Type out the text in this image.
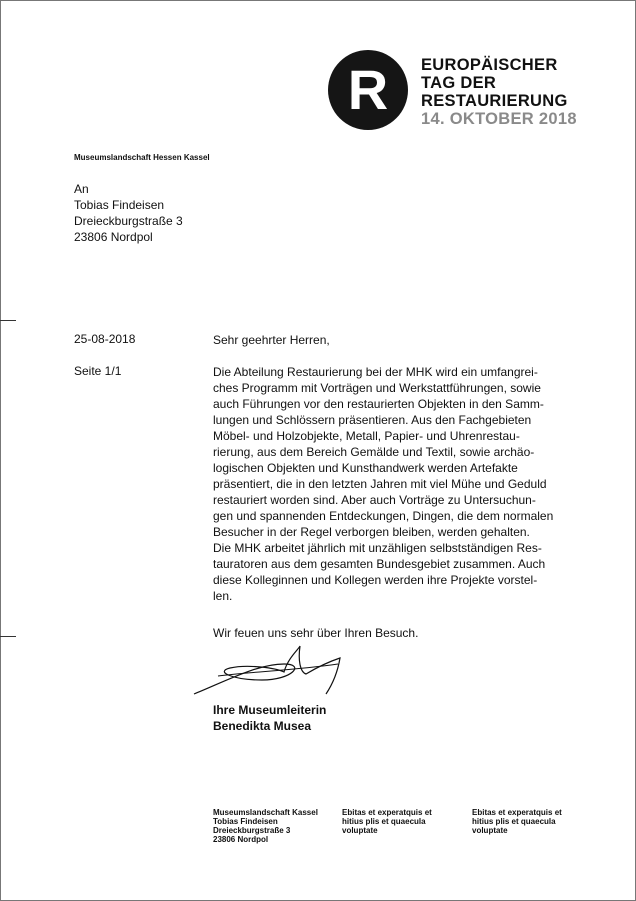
R	EUROPÄISCHER
TAG DER
RESTAURIERUNG
14. OKTOBER 2018
Museumslandschaft Hessen Kassel
An
Tobias Findeisen
Dreieckburgstraße 3
23806 Nordpol
25-08-2018
Seite 1/1
Sehr geehrter Herren,
Die Abteilung Restaurierung bei der MHK wird ein umfangrei-
ches Programm mit Vorträgen und Werkstattführungen, sowie
auch Führungen vor den restaurierten Objekten in den Samm-
lungen und Schlössern präsentieren. Aus den Fachgebieten
Möbel- und Holzobjekte, Metall, Papier- und Uhrenrestau-
rierung, aus dem Bereich Gemälde und Textil, sowie archäo-
logischen Objekten und Kunsthandwerk werden Artefakte
präsentiert, die in den letzten Jahren mit viel Mühe und Geduld
restauriert worden sind. Aber auch Vorträge zu Untersuchun-
gen und spannenden Entdeckungen, Dingen, die dem normalen
Besucher in der Regel verborgen bleiben, werden gehalten.
Die MHK arbeitet jährlich mit unzähligen selbstständigen Res-
tauratoren aus dem gesamten Bundesgebiet zusammen. Auch
diese Kolleginnen und Kollegen werden ihre Projekte vorstel-
len.
Wir feuen uns sehr über Ihren Besuch.
Ihre Museumleiterin
Benedikta Musea
Museumslandschaft Kassel
Tobias Findeisen
Dreieckburgstraße 3
23806 Nordpol
Ebitas et experatquis et
hitius plis et quaecula
voluptate
Ebitas et experatquis et
hitius plis et quaecula
voluptate
